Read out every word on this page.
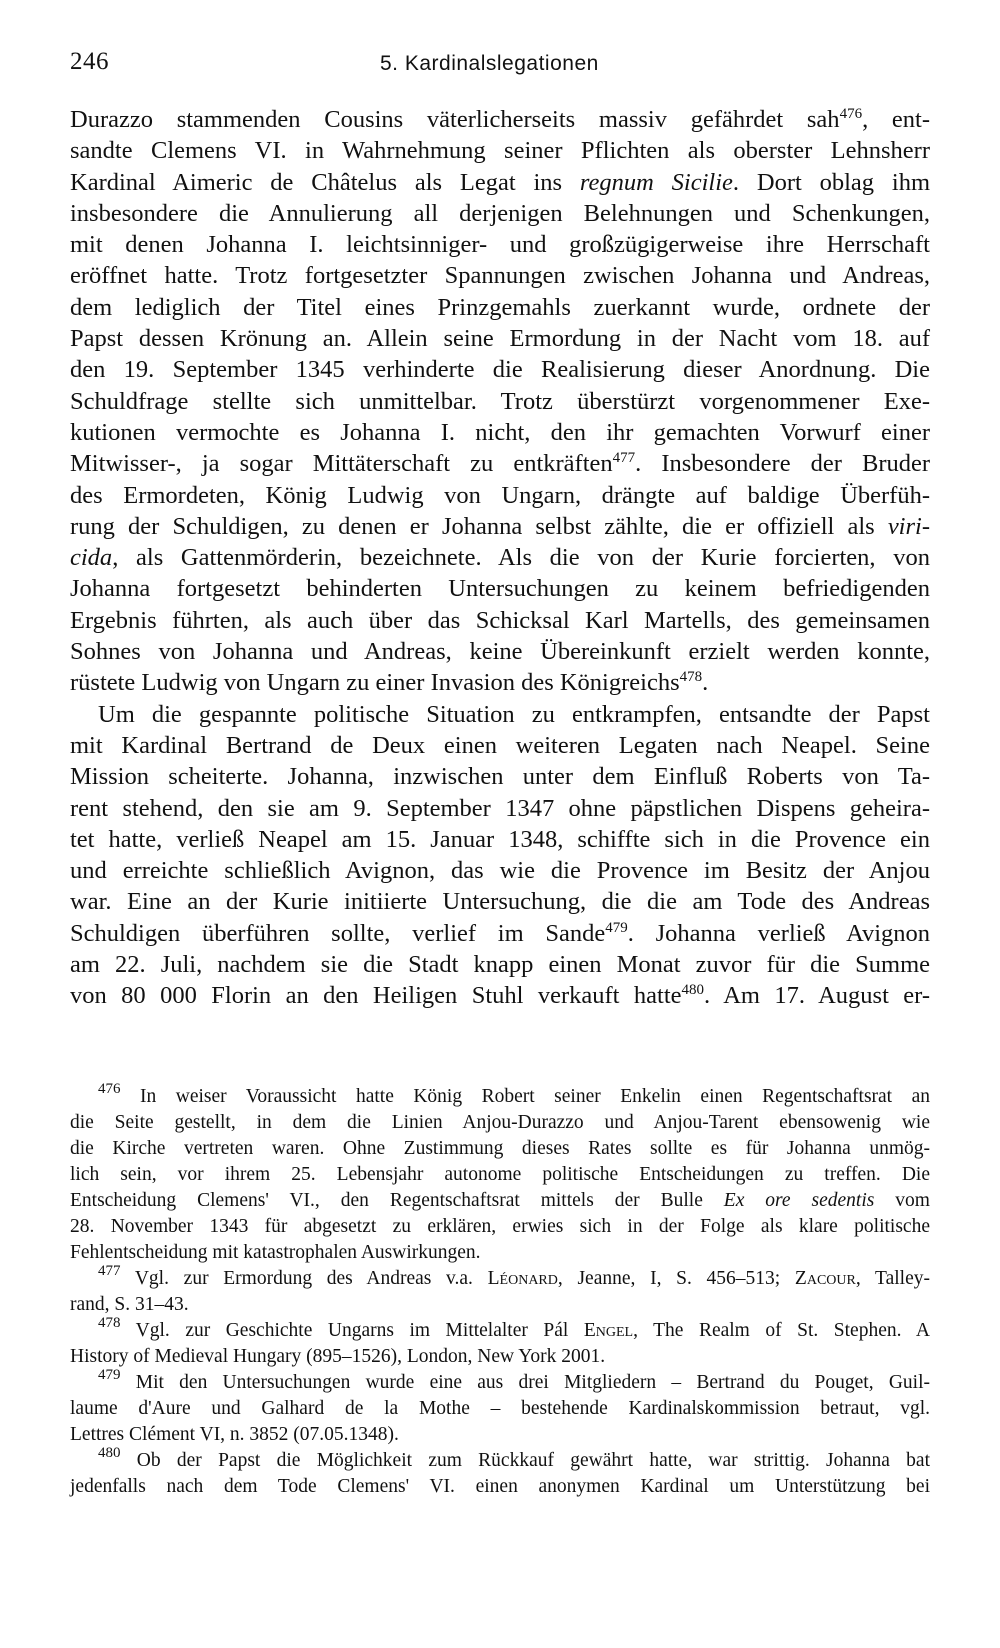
246	5. Kardinalslegationen
Durazzo stammenden Cousins väterlicherseits massiv gefährdet sah$^{476}$, ent-
sandte Clemens VI. in Wahrnehmung seiner Pflichten als oberster Lehnsherr
Kardinal Aimeric de Châtelus als Legat ins regnum Sicilie. Dort oblag ihm
insbesondere die Annulierung all derjenigen Belehnungen und Schenkungen,
mit denen Johanna I. leichtsinniger- und großzügigerweise ihre Herrschaft
eröffnet hatte. Trotz fortgesetzter Spannungen zwischen Johanna und Andreas,
dem lediglich der Titel eines Prinzgemahls zuerkannt wurde, ordnete der
Papst dessen Krönung an. Allein seine Ermordung in der Nacht vom 18. auf
den 19. September 1345 verhinderte die Realisierung dieser Anordnung. Die
Schuldfrage stellte sich unmittelbar. Trotz überstürzt vorgenommener Exe-
kutionen vermochte es Johanna I. nicht, den ihr gemachten Vorwurf einer
Mitwisser-, ja sogar Mittäterschaft zu entkräften$^{477}$. Insbesondere der Bruder
des Ermordeten, König Ludwig von Ungarn, drängte auf baldige Überfüh-
rung der Schuldigen, zu denen er Johanna selbst zählte, die er offiziell als viri-
cida, als Gattenmörderin, bezeichnete. Als die von der Kurie forcierten, von
Johanna fortgesetzt behinderten Untersuchungen zu keinem befriedigenden
Ergebnis führten, als auch über das Schicksal Karl Martells, des gemeinsamen
Sohnes von Johanna und Andreas, keine Übereinkunft erzielt werden konnte,
rüstete Ludwig von Ungarn zu einer Invasion des Königreichs$^{478}$.
Um die gespannte politische Situation zu entkrampfen, entsandte der Papst
mit Kardinal Bertrand de Deux einen weiteren Legaten nach Neapel. Seine
Mission scheiterte. Johanna, inzwischen unter dem Einfluß Roberts von Ta-
rent stehend, den sie am 9. September 1347 ohne päpstlichen Dispens geheira-
tet hatte, verließ Neapel am 15. Januar 1348, schiffte sich in die Provence ein
und erreichte schließlich Avignon, das wie die Provence im Besitz der Anjou
war. Eine an der Kurie initiierte Untersuchung, die die am Tode des Andreas
Schuldigen überführen sollte, verlief im Sande$^{479}$. Johanna verließ Avignon
am 22. Juli, nachdem sie die Stadt knapp einen Monat zuvor für die Summe
von 80 000 Florin an den Heiligen Stuhl verkauft hatte$^{480}$. Am 17. August er-
$^{476}$ In weiser Voraussicht hatte König Robert seiner Enkelin einen Regentschaftsrat an
die Seite gestellt, in dem die Linien Anjou-Durazzo und Anjou-Tarent ebensowenig wie
die Kirche vertreten waren. Ohne Zustimmung dieses Rates sollte es für Johanna unmög-
lich sein, vor ihrem 25. Lebensjahr autonome politische Entscheidungen zu treffen. Die
Entscheidung Clemens' VI., den Regentschaftsrat mittels der Bulle Ex ore sedentis vom
28. November 1343 für abgesetzt zu erklären, erwies sich in der Folge als klare politische
Fehlentscheidung mit katastrophalen Auswirkungen.
$^{477}$ Vgl. zur Ermordung des Andreas v.a. Léonard, Jeanne, I, S. 456–513; Zacour, Talley-
rand, S. 31–43.
$^{478}$ Vgl. zur Geschichte Ungarns im Mittelalter Pál Engel, The Realm of St. Stephen. A
History of Medieval Hungary (895–1526), London, New York 2001.
$^{479}$ Mit den Untersuchungen wurde eine aus drei Mitgliedern – Bertrand du Pouget, Guil-
laume d'Aure und Galhard de la Mothe – bestehende Kardinalskommission betraut, vgl.
Lettres Clément VI, n. 3852 (07.05.1348).
$^{480}$ Ob der Papst die Möglichkeit zum Rückkauf gewährt hatte, war strittig. Johanna bat
jedenfalls nach dem Tode Clemens' VI. einen anonymen Kardinal um Unterstützung bei
